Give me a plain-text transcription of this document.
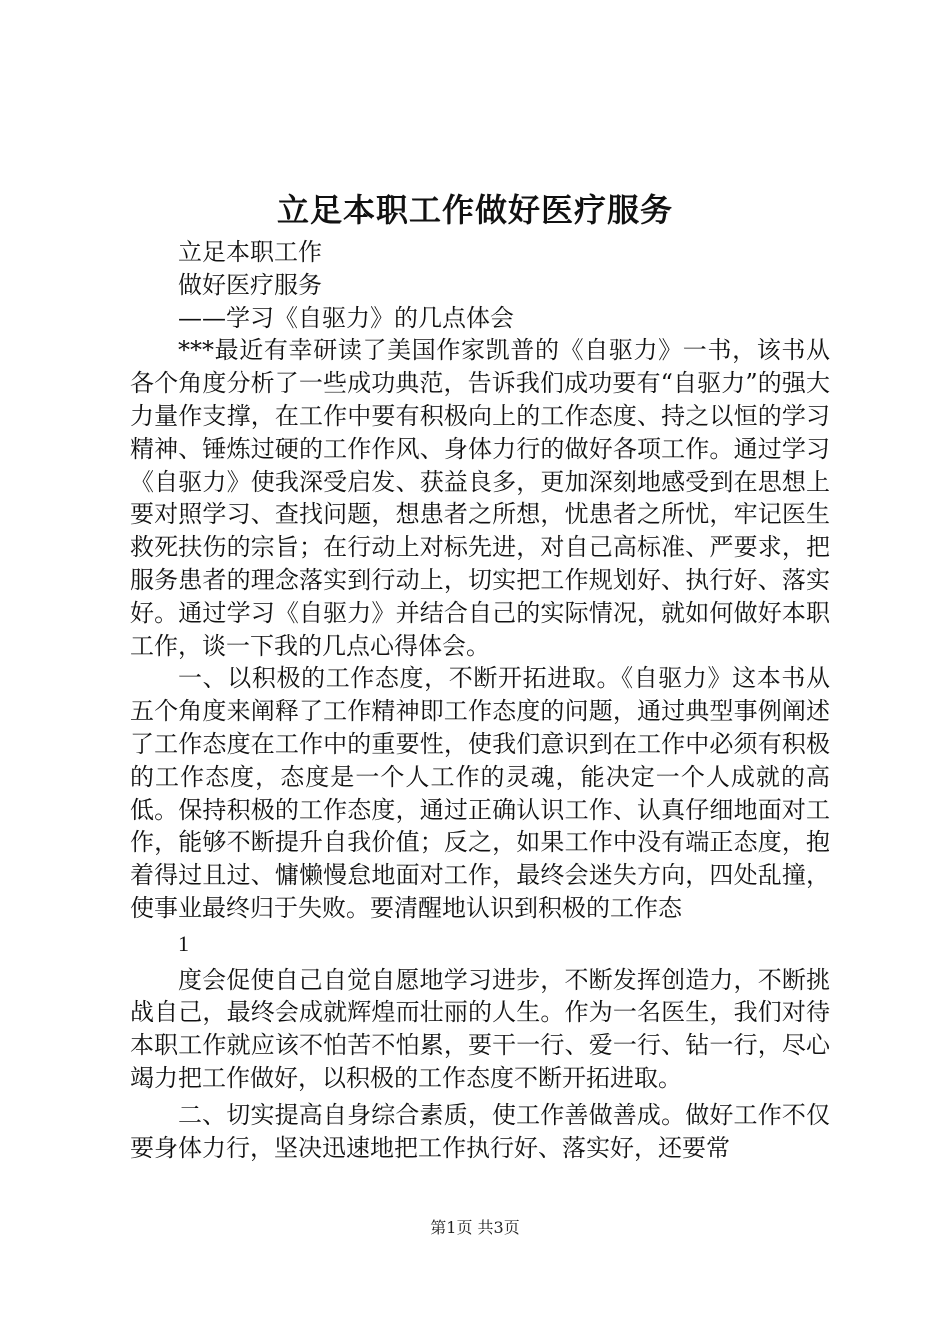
立足本职工作做好医疗服务

立足本职工作

做好医疗服务

——学习《自驱力》的几点体会

***最近有幸研读了美国作家凯普的《自驱力》一书，该书从各个角度分析了一些成功典范，告诉我们成功要有“自驱力”的强大力量作支撑，在工作中要有积极向上的工作态度、持之以恒的学习精神、锤炼过硬的工作作风、身体力行的做好各项工作。通过学习《自驱力》使我深受启发、获益良多，更加深刻地感受到在思想上要对照学习、查找问题，想患者之所想，忧患者之所忧，牢记医生救死扶伤的宗旨；在行动上对标先进，对自己高标准、严要求，把服务患者的理念落实到行动上，切实把工作规划好、执行好、落实好。通过学习《自驱力》并结合自己的实际情况，就如何做好本职工作，谈一下我的几点心得体会。

一、以积极的工作态度，不断开拓进取。《自驱力》这本书从五个角度来阐释了工作精神即工作态度的问题，通过典型事例阐述了工作态度在工作中的重要性，使我们意识到在工作中必须有积极的工作态度，态度是一个人工作的灵魂，能决定一个人成就的高低。保持积极的工作态度，通过正确认识工作、认真仔细地面对工作，能够不断提升自我价值；反之，如果工作中没有端正态度，抱着得过且过、慵懒慢怠地面对工作，最终会迷失方向，四处乱撞，使事业最终归于失败。要清醒地认识到积极的工作态

1

度会促使自己自觉自愿地学习进步，不断发挥创造力，不断挑战自己，最终会成就辉煌而壮丽的人生。作为一名医生，我们对待本职工作就应该不怕苦不怕累，要干一行、爱一行、钻一行，尽心竭力把工作做好，以积极的工作态度不断开拓进取。

二、切实提高自身综合素质，使工作善做善成。做好工作不仅要身体力行，坚决迅速地把工作执行好、落实好，还要常

第1页 共3页
